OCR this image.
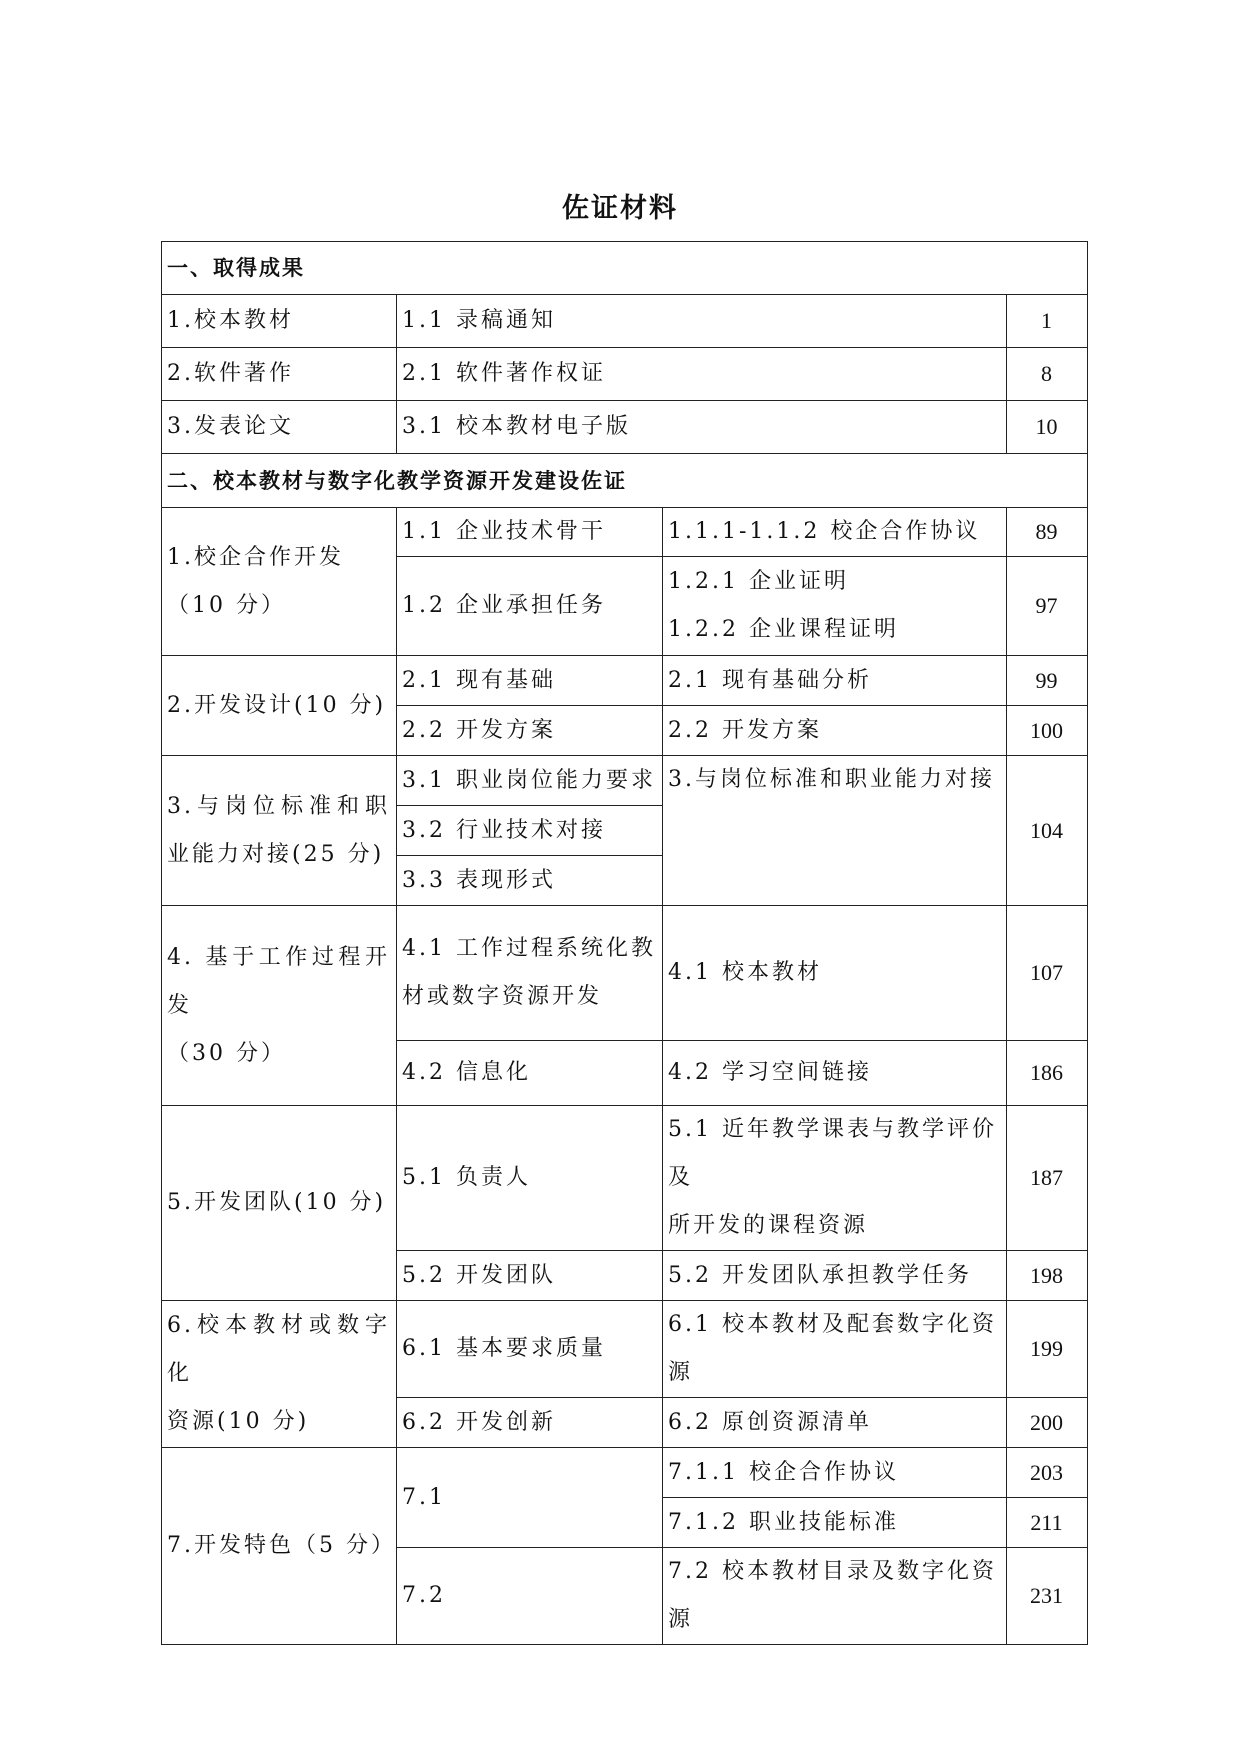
佐证材料
一、取得成果			
1.校本教材	1.1 录稿通知		1
2.软件著作	2.1 软件著作权证		8
3.发表论文	3.1 校本教材电子版		10
二、校本教材与数字化教学资源开发建设佐证			

1.校企合作开发
（10 分）	1.1 企业技术骨干	1.1.1-1.1.2 校企合作协议	89
	1.2 企业承担任务	1.2.1 企业证明
1.2.2 企业课程证明	97
2.开发设计(10 分)	2.1 现有基础	2.1 现有基础分析	99
	2.2 开发方案	2.2 开发方案	100

3.与岗位标准和职
业能力对接(25 分)	3.1 职业岗位能力要求	3.与岗位标准和职业能力对接	104
	3.2 行业技术对接		
	3.3 表现形式		

4. 基于工作过程开
发
（30 分）	4.1 工作过程系统化教
材或数字资源开发	4.1 校本教材	107
	4.2 信息化	4.2 学习空间链接	186
5.开发团队(10 分)	5.1 负责人	5.1 近年教学课表与教学评价及
所开发的课程资源	187
	5.2 开发团队	5.2 开发团队承担教学任务	198

6.校本教材或数字化
资源(10 分)	6.1 基本要求质量	6.1 校本教材及配套数字化资源	199
	6.2 开发创新	6.2 原创资源清单	200
7.开发特色（5 分）	7.1	7.1.1 校企合作协议	203
		7.1.2 职业技能标准	211
	7.2	7.2 校本教材目录及数字化资源	231
